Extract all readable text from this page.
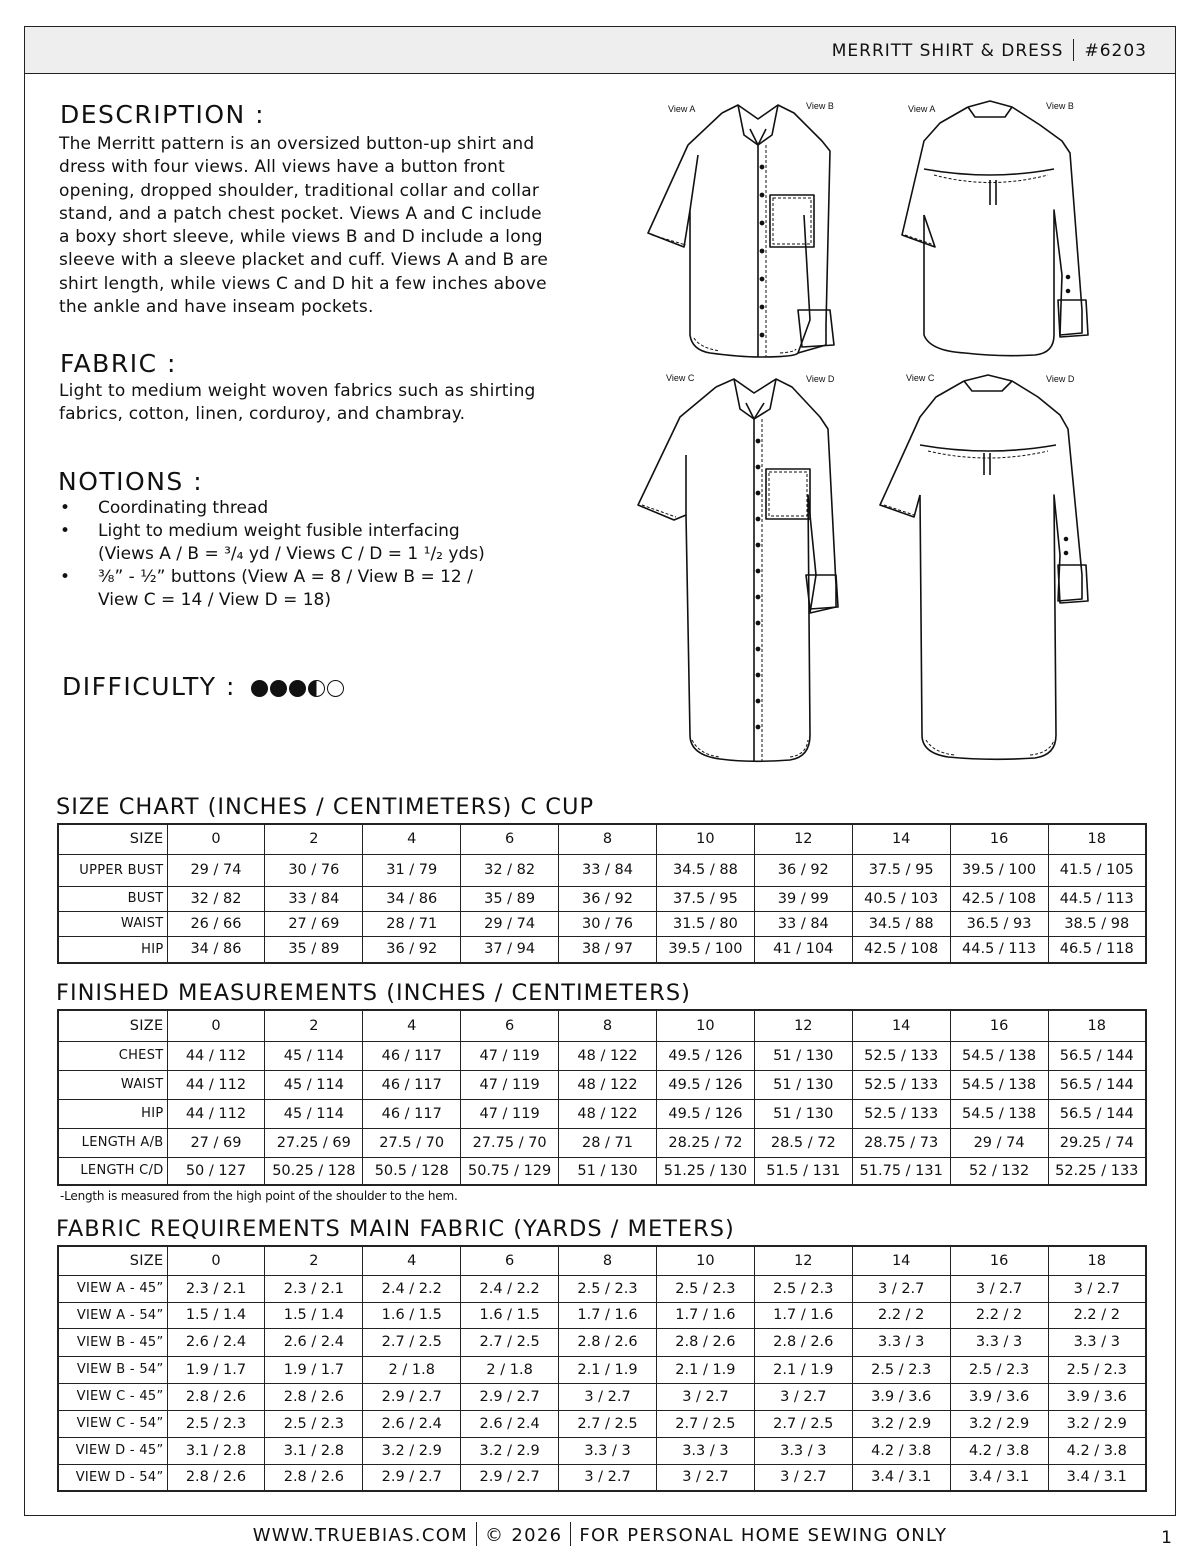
MERRITT SHIRT & DRESS #6203
DESCRIPTION :
The Merritt pattern is an oversized button-up shirt and
dress with four views. All views have a button front
opening, dropped shoulder, traditional collar and collar
stand, and a patch chest pocket. Views A and C include
a boxy short sleeve, while views B and D include a long
sleeve with a sleeve placket and cuff. Views A and B are
shirt length, while views C and D hit a few inches above
the ankle and have inseam pockets.
FABRIC :
Light to medium weight woven fabrics such as shirting
fabrics, cotton, linen, corduroy, and chambray.
NOTIONS :
• Coordinating thread
• Light to medium weight fusible interfacing
(Views A / B = ³/₄ yd / Views C / D = 1 ¹/₂ yds)
• ³⁄₈” - ¹⁄₂” buttons (View A = 8 / View B = 12 /
View C = 14 / View D = 18)
DIFFICULTY :
View A	View B	View A	View B
View C	View D	View C	View D
SIZE CHART (INCHES / CENTIMETERS) C CUP
SIZE	0	2	4	6	8	10	12	14	16	18
UPPER BUST	29 / 74	30 / 76	31 / 79	32 / 82	33 / 84	34.5 / 88	36 / 92	37.5 / 95	39.5 / 100	41.5 / 105
BUST	32 / 82	33 / 84	34 / 86	35 / 89	36 / 92	37.5 / 95	39 / 99	40.5 / 103	42.5 / 108	44.5 / 113
WAIST	26 / 66	27 / 69	28 / 71	29 / 74	30 / 76	31.5 / 80	33 / 84	34.5 / 88	36.5 / 93	38.5 / 98
HIP	34 / 86	35 / 89	36 / 92	37 / 94	38 / 97	39.5 / 100	41 / 104	42.5 / 108	44.5 / 113	46.5 / 118
FINISHED MEASUREMENTS (INCHES / CENTIMETERS)
SIZE	0	2	4	6	8	10	12	14	16	18
CHEST	44 / 112	45 / 114	46 / 117	47 / 119	48 / 122	49.5 / 126	51 / 130	52.5 / 133	54.5 / 138	56.5 / 144
WAIST	44 / 112	45 / 114	46 / 117	47 / 119	48 / 122	49.5 / 126	51 / 130	52.5 / 133	54.5 / 138	56.5 / 144
HIP	44 / 112	45 / 114	46 / 117	47 / 119	48 / 122	49.5 / 126	51 / 130	52.5 / 133	54.5 / 138	56.5 / 144
LENGTH A/B	27 / 69	27.25 / 69	27.5 / 70	27.75 / 70	28 / 71	28.25 / 72	28.5 / 72	28.75 / 73	29 / 74	29.25 / 74
LENGTH C/D	50 / 127	50.25 / 128	50.5 / 128	50.75 / 129	51 / 130	51.25 / 130	51.5 / 131	51.75 / 131	52 / 132	52.25 / 133
-Length is measured from the high point of the shoulder to the hem.
FABRIC REQUIREMENTS MAIN FABRIC (YARDS / METERS)
SIZE	0	2	4	6	8	10	12	14	16	18
VIEW A - 45”	2.3 / 2.1	2.3 / 2.1	2.4 / 2.2	2.4 / 2.2	2.5 / 2.3	2.5 / 2.3	2.5 / 2.3	3 / 2.7	3 / 2.7	3 / 2.7
VIEW A - 54”	1.5 / 1.4	1.5 / 1.4	1.6 / 1.5	1.6 / 1.5	1.7 / 1.6	1.7 / 1.6	1.7 / 1.6	2.2 / 2	2.2 / 2	2.2 / 2
VIEW B - 45”	2.6 / 2.4	2.6 / 2.4	2.7 / 2.5	2.7 / 2.5	2.8 / 2.6	2.8 / 2.6	2.8 / 2.6	3.3 / 3	3.3 / 3	3.3 / 3
VIEW B - 54”	1.9 / 1.7	1.9 / 1.7	2 / 1.8	2 / 1.8	2.1 / 1.9	2.1 / 1.9	2.1 / 1.9	2.5 / 2.3	2.5 / 2.3	2.5 / 2.3
VIEW C - 45”	2.8 / 2.6	2.8 / 2.6	2.9 / 2.7	2.9 / 2.7	3 / 2.7	3 / 2.7	3 / 2.7	3.9 / 3.6	3.9 / 3.6	3.9 / 3.6
VIEW C - 54”	2.5 / 2.3	2.5 / 2.3	2.6 / 2.4	2.6 / 2.4	2.7 / 2.5	2.7 / 2.5	2.7 / 2.5	3.2 / 2.9	3.2 / 2.9	3.2 / 2.9
VIEW D - 45”	3.1 / 2.8	3.1 / 2.8	3.2 / 2.9	3.2 / 2.9	3.3 / 3	3.3 / 3	3.3 / 3	4.2 / 3.8	4.2 / 3.8	4.2 / 3.8
VIEW D - 54”	2.8 / 2.6	2.8 / 2.6	2.9 / 2.7	2.9 / 2.7	3 / 2.7	3 / 2.7	3 / 2.7	3.4 / 3.1	3.4 / 3.1	3.4 / 3.1
WWW.TRUEBIAS.COM © 2026 FOR PERSONAL HOME SEWING ONLY	1
